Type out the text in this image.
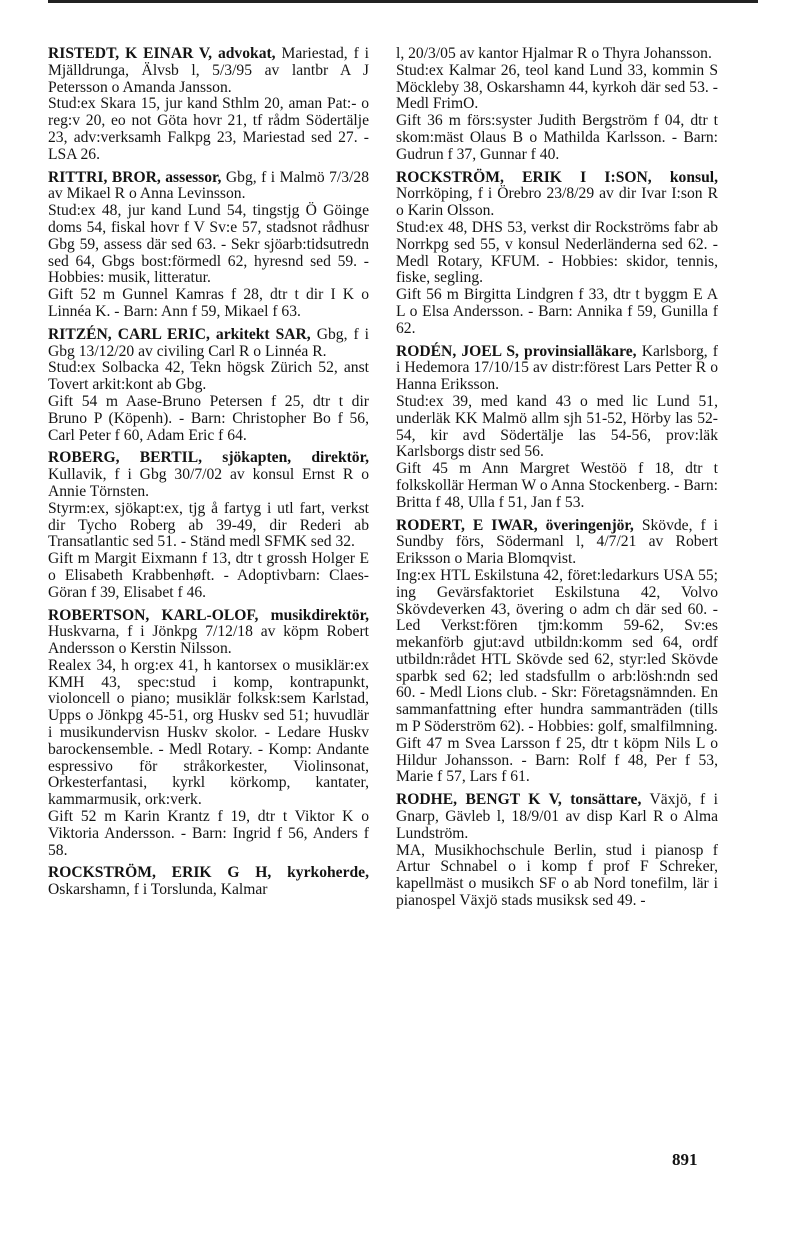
RISTEDT, K EINAR V, advokat, Mariestad, f i Mjälldrunga, Älvsb l, 5/3/95 av lantbr A J Petersson o Amanda Jansson.
Stud:ex Skara 15, jur kand Sthlm 20, aman Pat:- o reg:v 20, eo not Göta hovr 21, tf rådm Södertälje 23, adv:verksamh Falkpg 23, Mariestad sed 27. - LSA 26.
RITTRI, BROR, assessor, Gbg, f i Malmö 7/3/28 av Mikael R o Anna Levinsson.
Stud:ex 48, jur kand Lund 54, tingstjg Ö Göinge doms 54, fiskal hovr f V Sv:e 57, stadsnot rådhusr Gbg 59, assess där sed 63. - Sekr sjöarb:tidsutredn sed 64, Gbgs bost:förmedl 62, hyresnd sed 59. - Hobbies: musik, litteratur.
Gift 52 m Gunnel Kamras f 28, dtr t dir I K o Linnéa K. - Barn: Ann f 59, Mikael f 63.
RITZÉN, CARL ERIC, arkitekt SAR, Gbg, f i Gbg 13/12/20 av civiling Carl R o Linnéa R.
Stud:ex Solbacka 42, Tekn högsk Zürich 52, anst Tovert arkit:kont ab Gbg.
Gift 54 m Aase-Bruno Petersen f 25, dtr t dir Bruno P (Köpenh). - Barn: Christopher Bo f 56, Carl Peter f 60, Adam Eric f 64.
ROBERG, BERTIL, sjökapten, direktör, Kullavik, f i Gbg 30/7/02 av konsul Ernst R o Annie Törnsten.
Styrm:ex, sjökapt:ex, tjg å fartyg i utl fart, verkst dir Tycho Roberg ab 39-49, dir Rederi ab Transatlantic sed 51. - Ständ medl SFMK sed 32.
Gift m Margit Eixmann f 13, dtr t grossh Holger E o Elisabeth Krabbenhøft. - Adoptivbarn: Claes-Göran f 39, Elisabet f 46.
ROBERTSON, KARL-OLOF, musikdirektör, Huskvarna, f i Jönkpg 7/12/18 av köpm Robert Andersson o Kerstin Nilsson.
Realex 34, h org:ex 41, h kantorsex o musiklär:ex KMH 43, spec:stud i komp, kontrapunkt, violoncell o piano; musiklär folksk:sem Karlstad, Upps o Jönkpg 45-51, org Huskv sed 51; huvudlär i musikundervisn Huskv skolor. - Ledare Huskv barockensemble. - Medl Rotary. - Komp: Andante espressivo för stråkorkester, Violinsonat, Orkesterfantasi, kyrkl körkomp, kantater, kammarmusik, ork:verk.
Gift 52 m Karin Krantz f 19, dtr t Viktor K o Viktoria Andersson. - Barn: Ingrid f 56, Anders f 58.
ROCKSTRÖM, ERIK G H, kyrkoherde, Oskarshamn, f i Torslunda, Kalmar
l, 20/3/05 av kantor Hjalmar R o Thyra Johansson.
Stud:ex Kalmar 26, teol kand Lund 33, kommin S Möckleby 38, Oskarshamn 44, kyrkoh där sed 53. - Medl FrimO.
Gift 36 m förs:syster Judith Bergström f 04, dtr t skom:mäst Olaus B o Mathilda Karlsson. - Barn: Gudrun f 37, Gunnar f 40.
ROCKSTRÖM, ERIK I I:SON, konsul, Norrköping, f i Örebro 23/8/29 av dir Ivar I:son R o Karin Olsson.
Stud:ex 48, DHS 53, verkst dir Rockströms fabr ab Norrkpg sed 55, v konsul Nederländerna sed 62. - Medl Rotary, KFUM. - Hobbies: skidor, tennis, fiske, segling.
Gift 56 m Birgitta Lindgren f 33, dtr t byggm E A L o Elsa Andersson. - Barn: Annika f 59, Gunilla f 62.
RODÉN, JOEL S, provinsialläkare, Karlsborg, f i Hedemora 17/10/15 av distr:förest Lars Petter R o Hanna Eriksson.
Stud:ex 39, med kand 43 o med lic Lund 51, underläk KK Malmö allm sjh 51-52, Hörby las 52-54, kir avd Södertälje las 54-56, prov:läk Karlsborgs distr sed 56.
Gift 45 m Ann Margret Westöö f 18, dtr t folkskollär Herman W o Anna Stockenberg. - Barn: Britta f 48, Ulla f 51, Jan f 53.
RODERT, E IWAR, överingenjör, Skövde, f i Sundby förs, Södermanl l, 4/7/21 av Robert Eriksson o Maria Blomqvist.
Ing:ex HTL Eskilstuna 42, föret:ledarkurs USA 55; ing Gevärsfaktoriet Eskilstuna 42, Volvo Skövdeverken 43, övering o adm ch där sed 60. - Led Verkst:fören tjm:komm 59-62, Sv:es mekanförb gjut:avd utbildn:komm sed 64, ordf utbildn:rådet HTL Skövde sed 62, styr:led Skövde sparbk sed 62; led stadsfullm o arb:lösh:ndn sed 60. - Medl Lions club. - Skr: Företagsnämnden. En sammanfattning efter hundra sammanträden (tills m P Söderström 62). - Hobbies: golf, smalfilmning.
Gift 47 m Svea Larsson f 25, dtr t köpm Nils L o Hildur Johansson. - Barn: Rolf f 48, Per f 53, Marie f 57, Lars f 61.
RODHE, BENGT K V, tonsättare, Växjö, f i Gnarp, Gävleb l, 18/9/01 av disp Karl R o Alma Lundström.
MA, Musikhochschule Berlin, stud i pianosp f Artur Schnabel o i komp f prof F Schreker, kapellmäst o musikch SF o ab Nord tonefilm, lär i pianospel Växjö stads musiksk sed 49. -
891
